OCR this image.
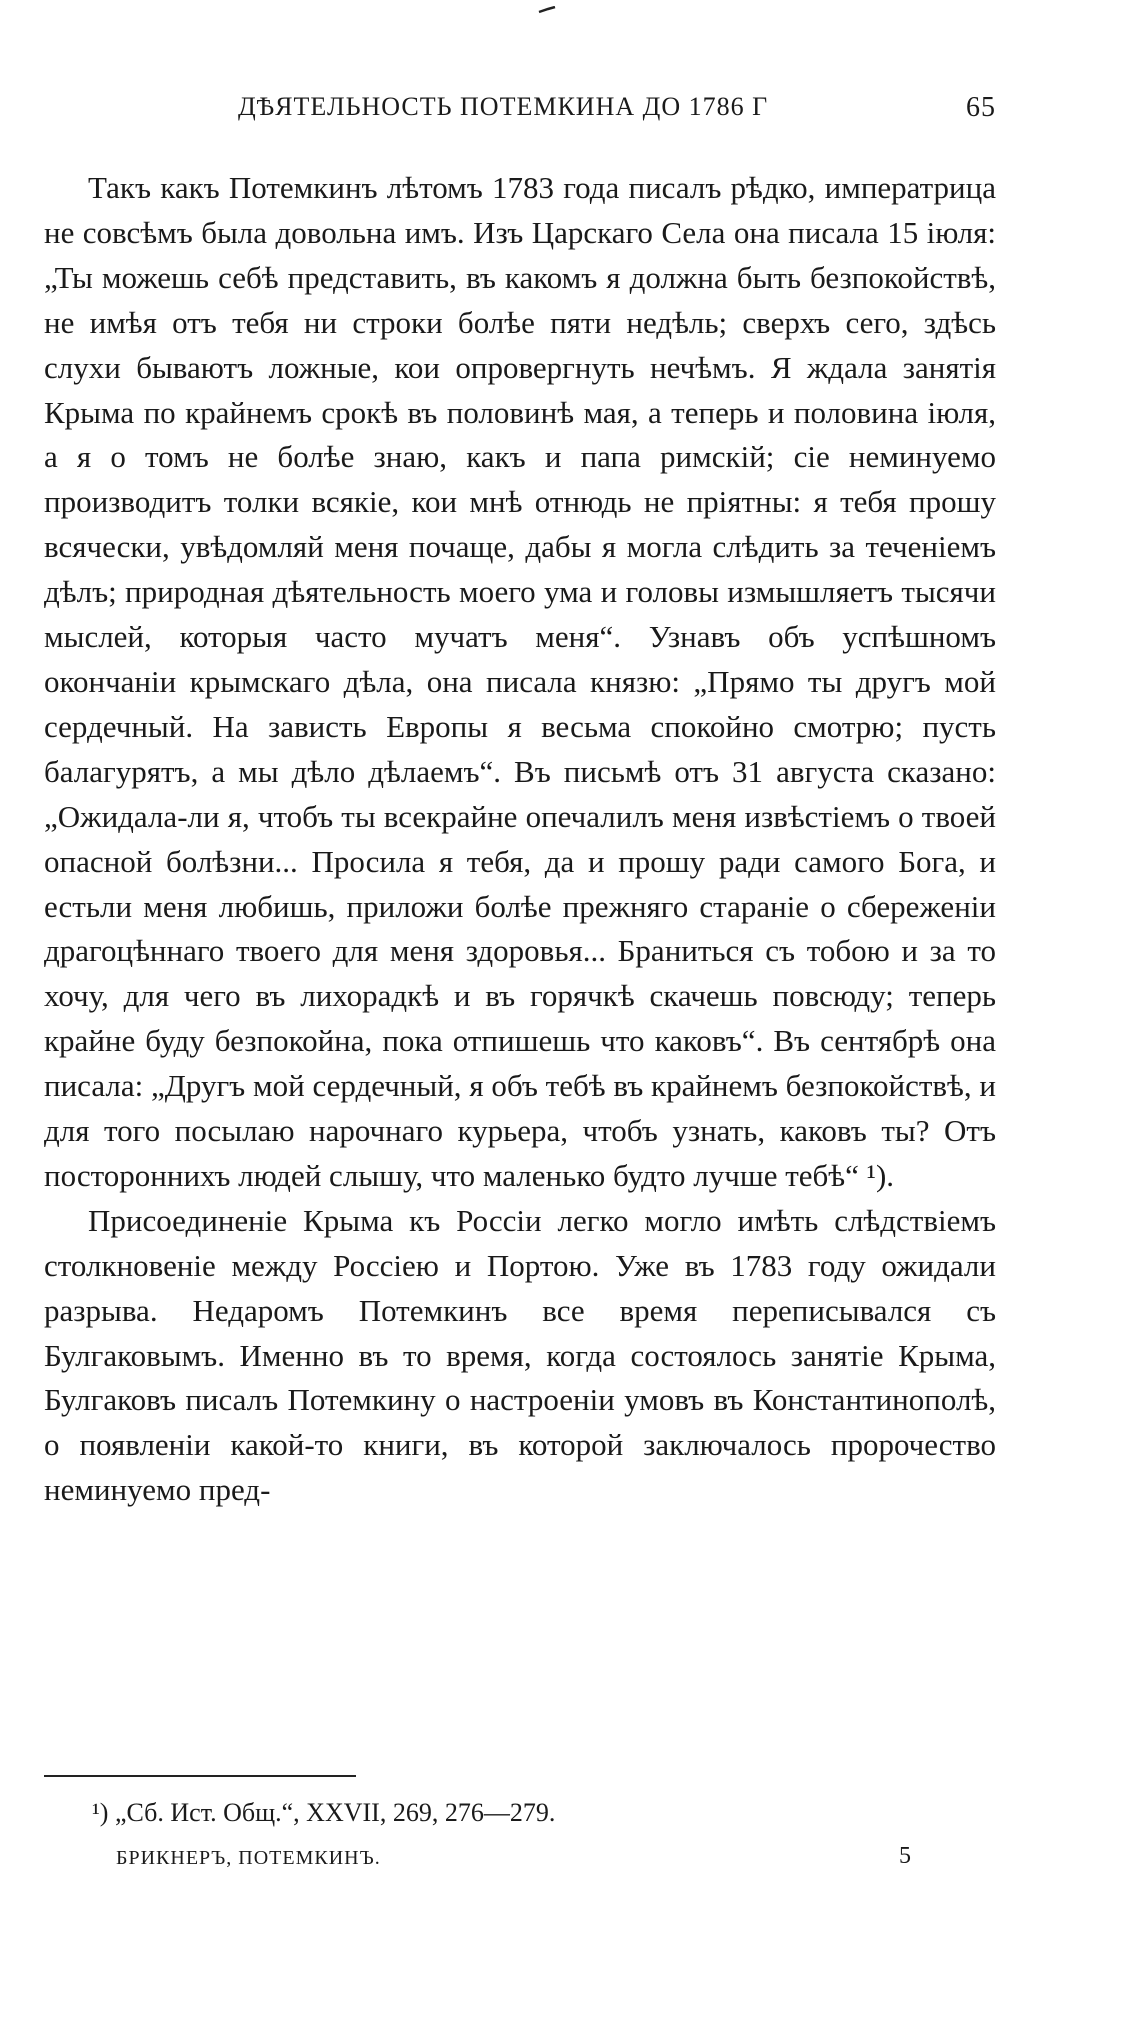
ДѢЯТЕЛЬНОСТЬ ПОТЕМКИНА ДО 1786 Г	65

Такъ какъ Потемкинъ лѣтомъ 1783 года писалъ рѣдко, императрица не совсѣмъ была довольна имъ. Изъ Царскаго Села она писала 15 іюля: „Ты можешь себѣ представить, въ какомъ я должна быть безпокойствѣ, не имѣя отъ тебя ни строки болѣе пяти недѣль; сверхъ сего, здѣсь слухи бываютъ ложные, кои опровергнуть нечѣмъ. Я ждала занятія Крыма по крайнемъ срокѣ въ половинѣ мая, а теперь и половина іюля, а я о томъ не болѣе знаю, какъ и папа римскій; сіе неминуемо производитъ толки всякіе, кои мнѣ отнюдь не пріятны: я тебя прошу всячески, увѣдомляй меня почаще, дабы я могла слѣдить за теченіемъ дѣлъ; природная дѣятельность моего ума и головы измышляетъ тысячи мыслей, которыя часто мучатъ меня“. Узнавъ объ успѣшномъ окончаніи крымскаго дѣла, она писала князю: „Прямо ты другъ мой сердечный. На зависть Европы я весьма спокойно смотрю; пусть балагурятъ, а мы дѣло дѣлаемъ“. Въ письмѣ отъ 31 августа сказано: „Ожидала-ли я, чтобъ ты всекрайне опечалилъ меня извѣстіемъ о твоей опасной болѣзни... Просила я тебя, да и прошу ради самого Бога, и естьли меня любишь, приложи болѣе прежняго стараніе о сбереженіи драгоцѣннаго твоего для меня здоровья... Браниться съ тобою и за то хочу, для чего въ лихорадкѣ и въ горячкѣ скачешь повсюду; теперь крайне буду безпокойна, пока отпишешь что каковъ“. Въ сентябрѣ она писала: „Другъ мой сердечный, я объ тебѣ въ крайнемъ безпокойствѣ, и для того посылаю нарочнаго курьера, чтобъ узнать, каковъ ты? Отъ постороннихъ людей слышу, что маленько будто лучше тебѣ“ ¹).

Присоединеніе Крыма къ Россіи легко могло имѣть слѣдствіемъ столкновеніе между Россіею и Портою. Уже въ 1783 году ожидали разрыва. Недаромъ Потемкинъ все время переписывался съ Булгаковымъ. Именно въ то время, когда состоялось занятіе Крыма, Булгаковъ писалъ Потемкину о настроеніи умовъ въ Константинополѣ, о появленіи какой-то книги, въ которой заключалось пророчество неминуемо пред-

¹) „Сб. Ист. Общ.“, XXVII, 269, 276—279.
БРИКНЕРЪ, ПОТЕМКИНЪ.	5
